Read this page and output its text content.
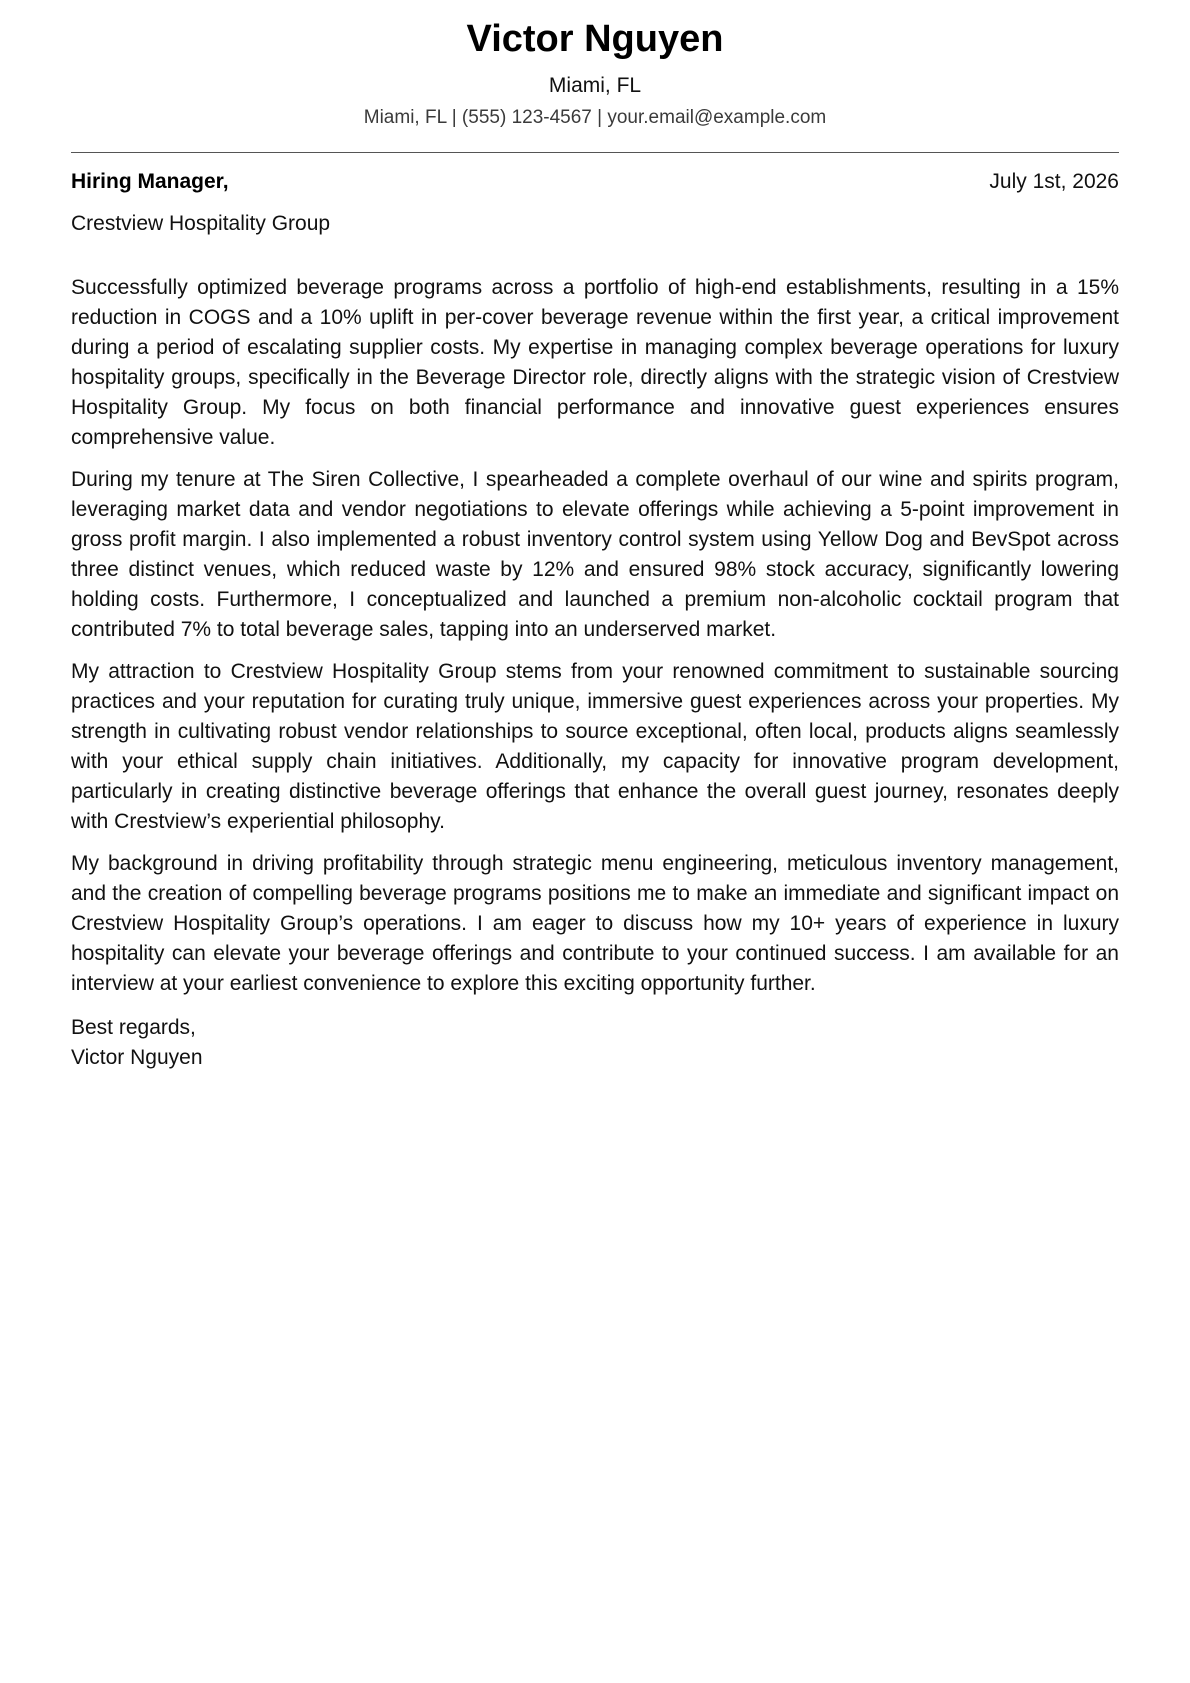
Victor Nguyen
Miami, FL
Miami, FL | (555) 123-4567 | your.email@example.com
Hiring Manager,	July 1st, 2026
Crestview Hospitality Group

Successfully optimized beverage programs across a portfolio of high-end establishments, resulting in a 15% reduction in COGS and a 10% uplift in per-cover beverage revenue within the first year, a critical improvement during a period of escalating supplier costs. My expertise in managing complex beverage operations for luxury hospitality groups, specifically in the Beverage Director role, directly aligns with the strategic vision of Crestview Hospitality Group. My focus on both financial performance and innovative guest experiences ensures comprehensive value.

During my tenure at The Siren Collective, I spearheaded a complete overhaul of our wine and spirits program, leveraging market data and vendor negotiations to elevate offerings while achieving a 5-point improvement in gross profit margin. I also implemented a robust inventory control system using Yellow Dog and BevSpot across three distinct venues, which reduced waste by 12% and ensured 98% stock accuracy, significantly lowering holding costs. Furthermore, I conceptualized and launched a premium non-alcoholic cocktail program that contributed 7% to total beverage sales, tapping into an underserved market.

My attraction to Crestview Hospitality Group stems from your renowned commitment to sustainable sourcing practices and your reputation for curating truly unique, immersive guest experiences across your properties. My strength in cultivating robust vendor relationships to source exceptional, often local, products aligns seamlessly with your ethical supply chain initiatives. Additionally, my capacity for innovative program development, particularly in creating distinctive beverage offerings that enhance the overall guest journey, resonates deeply with Crestview’s experiential philosophy.

My background in driving profitability through strategic menu engineering, meticulous inventory management, and the creation of compelling beverage programs positions me to make an immediate and significant impact on Crestview Hospitality Group’s operations. I am eager to discuss how my 10+ years of experience in luxury hospitality can elevate your beverage offerings and contribute to your continued success. I am available for an interview at your earliest convenience to explore this exciting opportunity further.

Best regards,
Victor Nguyen
